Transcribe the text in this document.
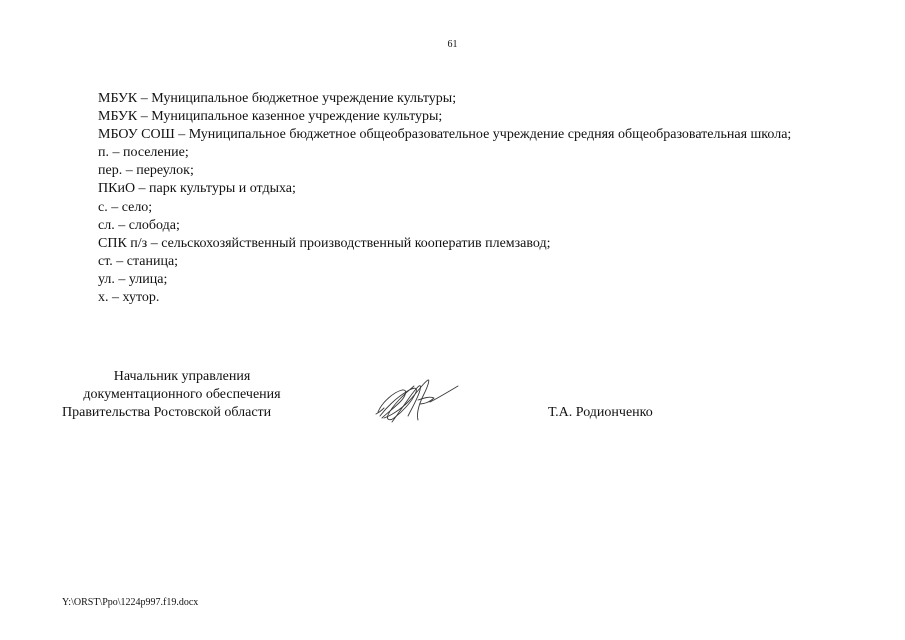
61

МБУК – Муниципальное бюджетное учреждение культуры;

МБУК – Муниципальное казенное учреждение культуры;

МБОУ СОШ – Муниципальное бюджетное общеобразовательное учреждение средняя общеобразовательная школа;

п. – поселение;

пер. – переулок;

ПКиО – парк культуры и отдыха;

с. – село;

сл. – слобода;

СПК п/з – сельскохозяйственный производственный кооператив племзавод;

ст. – станица;

ул. – улица;

х. – хутор.

Начальник управления
документационного обеспечения
Правительства Ростовской области	Т.А. Родионченко
Y:\ORST\Ppo\1224p997.f19.docx
